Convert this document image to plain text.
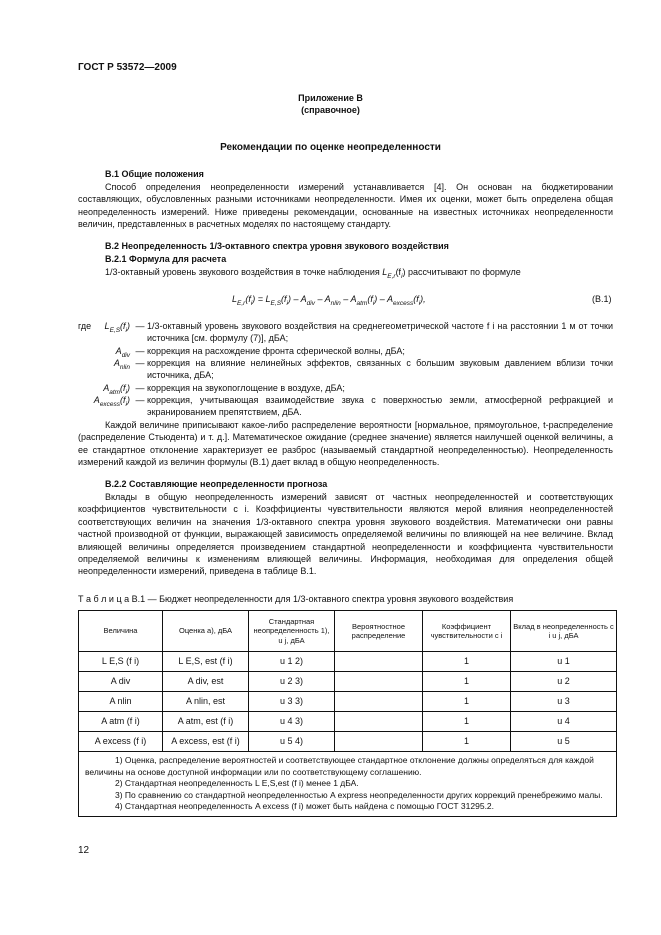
ГОСТ Р 53572—2009
Приложение В
(справочное)
Рекомендации по оценке неопределенности
В.1 Общие положения
Способ определения неопределенности измерений устанавливается [4]. Он основан на бюджетировании составляющих, обусловленных разными источниками неопределенности. Имея их оценки, может быть определена общая неопределенность измерений. Ниже приведены рекомендации, основанные на известных источниках неопределенности величин, представленных в расчетных моделях по настоящему стандарту.
В.2 Неопределенность 1/3-октавного спектра уровня звукового воздействия
В.2.1 Формула для расчета
1/3-октавный уровень звукового воздействия в точке наблюдения $L_{E,r}(f_i)$ рассчитывают по формуле
$L_{E,r}(f_i) = L_{E,S}(f_i) - A_{div} - A_{nlin} - A_{atm}(f_i) - A_{excess}(f_i)$,	(В.1)
где	$L_{E,S}(f_i)$ — 1/3-октавный уровень звукового воздействия на среднегеометрической частоте f i на расстоянии 1 м от точки источника [см. формулу (7)], дБА;
$A_{div}$ — коррекция на расхождение фронта сферической волны, дБА;
$A_{nlin}$ — коррекция на влияние нелинейных эффектов, связанных с большим звуковым давлением вблизи точки источника, дБА;
$A_{atm}(f_i)$ — коррекция на звукопоглощение в воздухе, дБА;
$A_{excess}(f_i)$ — коррекция, учитывающая взаимодействие звука с поверхностью земли, атмосферной рефракцией и экранированием препятствием, дБА.
Каждой величине приписывают какое-либо распределение вероятности [нормальное, прямоугольное, t-распределение (распределение Стьюдента) и т. д.]. Математическое ожидание (среднее значение) является наилучшей оценкой величины, а ее стандартное отклонение характеризует ее разброс (называемый стандартной неопределенностью). Неопределенность измерений каждой из величин формулы (В.1) дает вклад в общую неопределенность.
В.2.2 Составляющие неопределенности прогноза
Вклады в общую неопределенность измерений зависят от частных неопределенностей и соответствующих коэффициентов чувствительности c i. Коэффициенты чувствительности являются мерой влияния неопределенностей соответствующих величин на значения 1/3-октавного спектра уровня звукового воздействия. Математически они равны частной производной от функции, выражающей зависимость определяемой величины по влияющей на нее величине. Вклад влияющей величины определяется произведением стандартной неопределенности и коэффициента чувствительности определяемой величины к изменениям влияющей величины. Информация, необходимая для определения общей неопределенности измерений, приведена в таблице В.1.
Т а б л и ц а В.1 — Бюджет неопределенности для 1/3-октавного спектра уровня звукового воздействия
Величина	Оценка a), дБА	Стандартная неопределенность 1), u j, дБА	Вероятностное распределение	Коэффициент чувствительности c i	Вклад в неопределенность c i u j, дБА
L E,S (f i)	L E,S, est (f i)	u 1 2)		1	u 1
A div	A div, est	u 2 3)		1	u 2
A nlin	A nlin, est	u 3 3)		1	u 3
A atm (f i)	A atm, est (f i)	u 4 3)		1	u 4
A excess (f i)	A excess, est (f i)	u 5 4)		1	u 5

1) Оценка, распределение вероятностей и соответствующее стандартное отклонение должны определяться для каждой величины на основе доступной информации или по соответствующему соглашению.
2) Стандартная неопределенность L E,S,est (f i) менее 1 дБА.
3) По сравнению со стандартной неопределенностью A express неопределенности других коррекций пренебрежимо малы.
4) Стандартная неопределенность A excess (f i) может быть найдена с помощью ГОСТ 31295.2.					
12
